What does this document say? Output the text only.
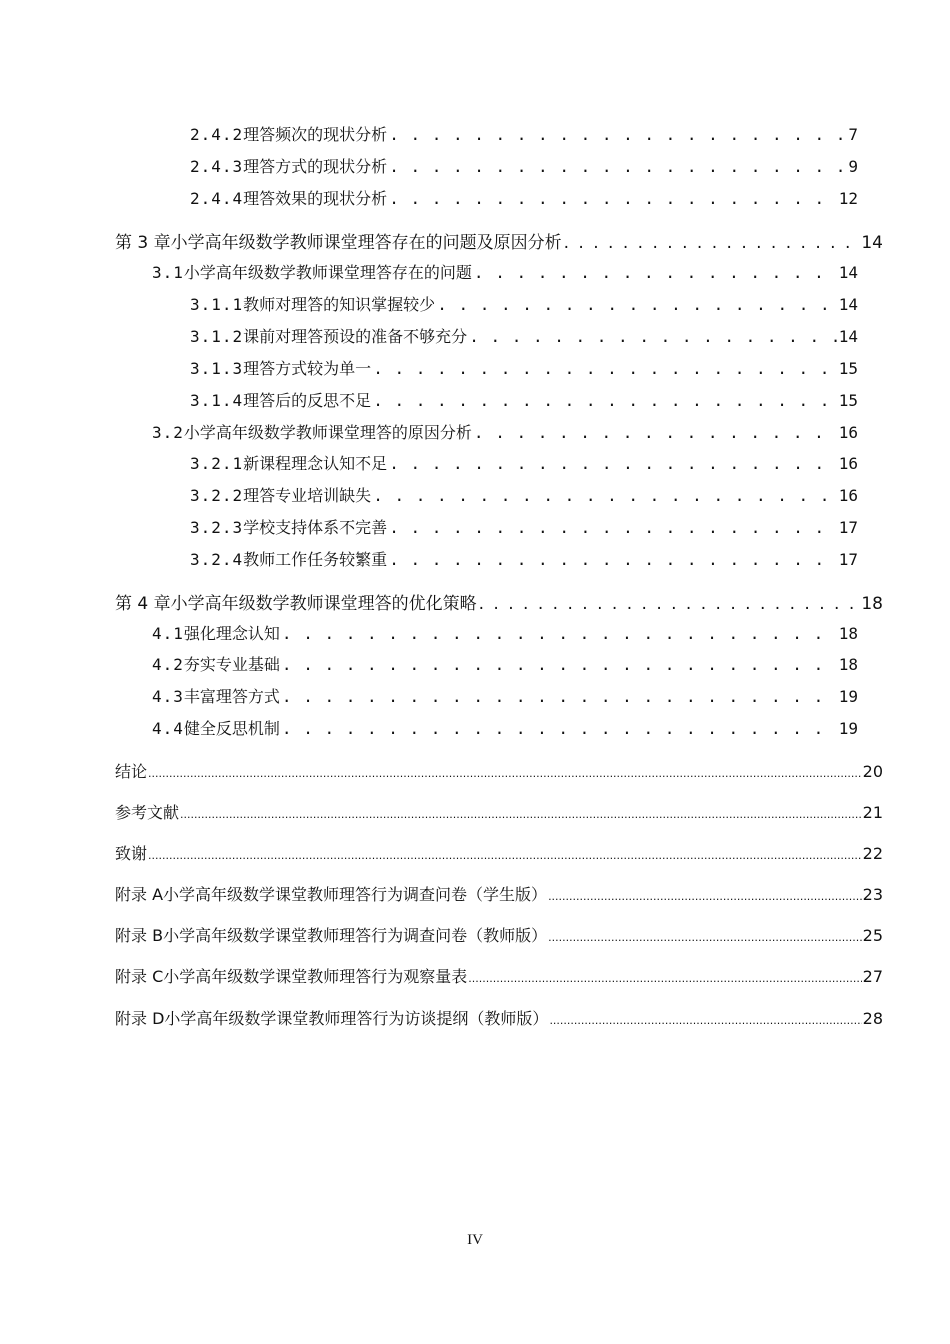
2.4.2 理答频次的现状分析 . . .	7
2.4.3 理答方式的现状分析 . . .	9
2.4.4 理答效果的现状分析 . . .	12
第 3 章 小学高年级数学教师课堂理答存在的问题及原因分析 . . .	14
3.1 小学高年级数学教师课堂理答存在的问题 . . .	14
3.1.1 教师对理答的知识掌握较少 . . .	14
3.1.2 课前对理答预设的准备不够充分 . . .	14
3.1.3 理答方式较为单一 . . .	15
3.1.4 理答后的反思不足 . . .	15
3.2 小学高年级数学教师课堂理答的原因分析 . . .	16
3.2.1 新课程理念认知不足 . . .	16
3.2.2 理答专业培训缺失 . . .	16
3.2.3 学校支持体系不完善 . . .	17
3.2.4 教师工作任务较繁重 . . .	17
第 4 章 小学高年级数学教师课堂理答的优化策略 . . .	18
4.1 强化理念认知 . . .	18
4.2 夯实专业基础 . . .	18
4.3 丰富理答方式 . . .	19
4.4 健全反思机制 . . .	19
结论 .....	20
参考文献 .....	21
致谢 .....	22
附录 A 小学高年级数学课堂教师理答行为调查问卷（学生版） .....	23
附录 B 小学高年级数学课堂教师理答行为调查问卷（教师版） .....	25
附录 C 小学高年级数学课堂教师理答行为观察量表 .....	27
附录 D 小学高年级数学课堂教师理答行为访谈提纲（教师版） .....	28
IV
